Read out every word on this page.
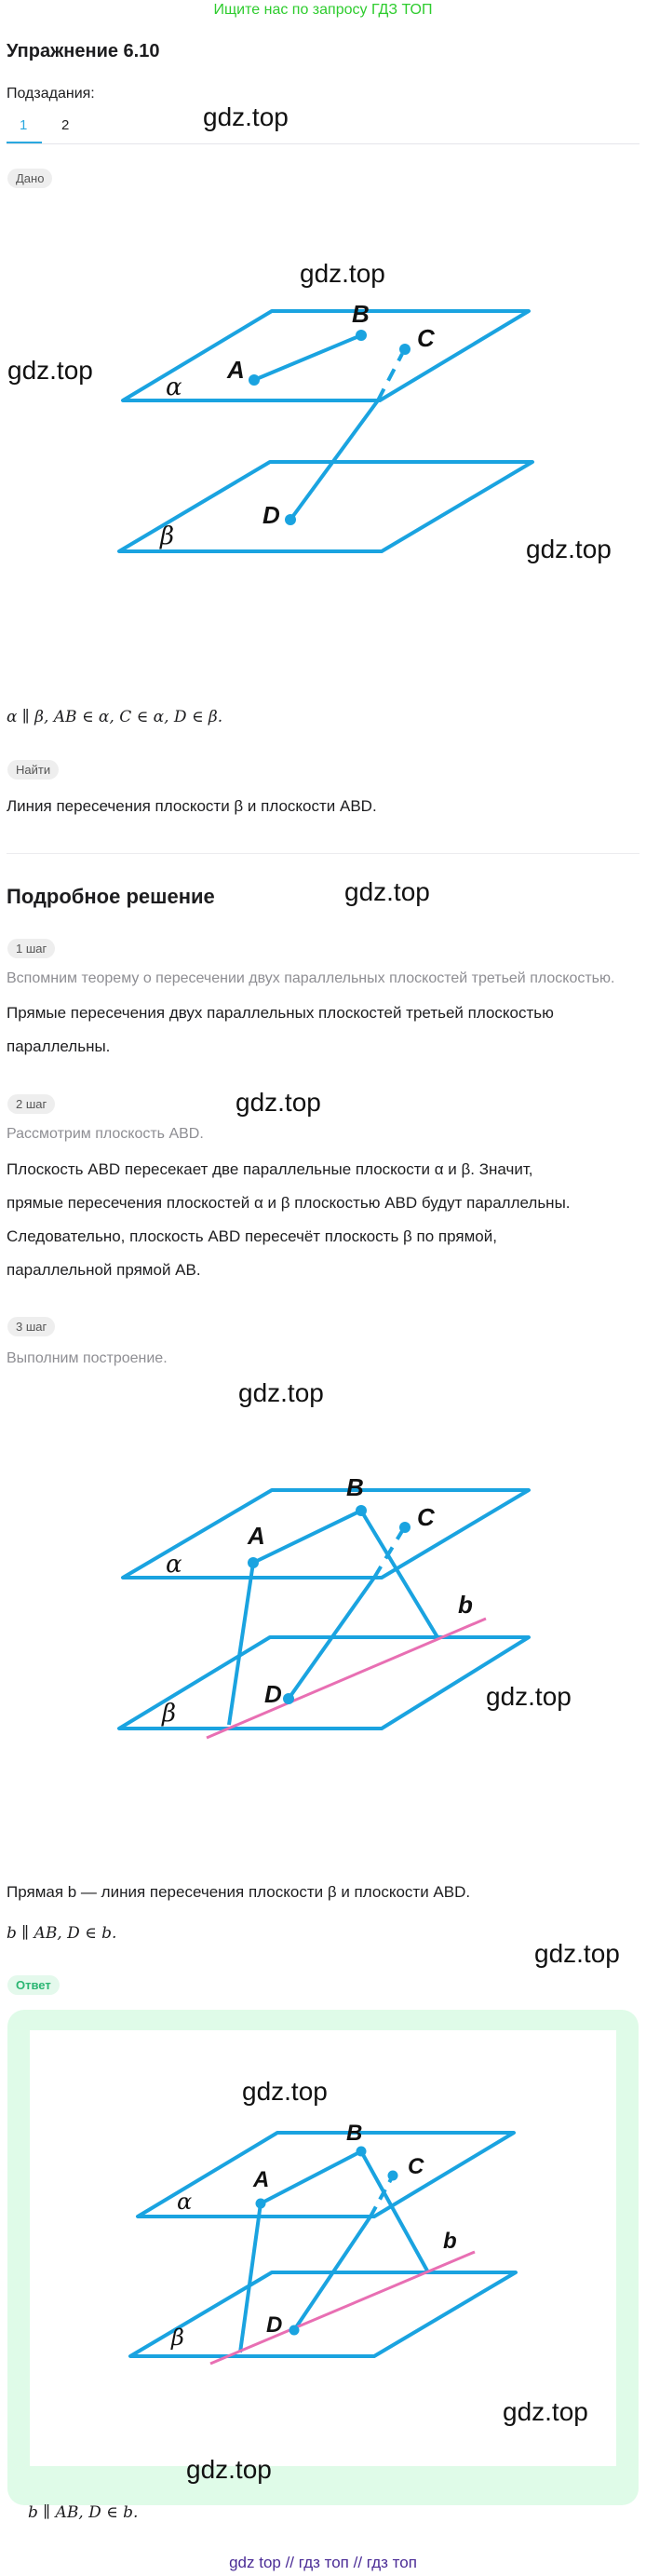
Ищите нас по запросу ГДЗ ТОП
Упражнение 6.10
Подзадания:
1 2	gdz.top
gdz.top
gdz.top
gdz.top
gdz.top
gdz.top
gdz.top
gdz.top
gdz.top
Дано
A
B
C
D
α
β
α ∥ β, AB ∈ α, C ∈ α, D ∈ β.
Найти
Линия пересечения плоскости β и плоскости ABD.
Подробное решение
1 шаг
Вспомним теорему о пересечении двух параллельных плоскостей третьей плоскостью.
Прямые пересечения двух параллельных плоскостей третьей плоскостью
параллельны.
2 шаг
Рассмотрим плоскость ABD.
Плоскость ABD пересекает две параллельные плоскости α и β. Значит,
прямые пересечения плоскостей α и β плоскостью ABD будут параллельны.
Следовательно, плоскость ABD пересечёт плоскость β по прямой,
параллельной прямой AB.
3 шаг
Выполним построение.
A
B
C
D
b
α
β
Прямая b — линия пересечения плоскости β и плоскости ABD.
b ∥ AB, D ∈ b.
Ответ
A
B
C
D
b
α
β
gdz.top
gdz.top
gdz.top
b ∥ AB, D ∈ b.
gdz top // гдз топ // гдз топ
